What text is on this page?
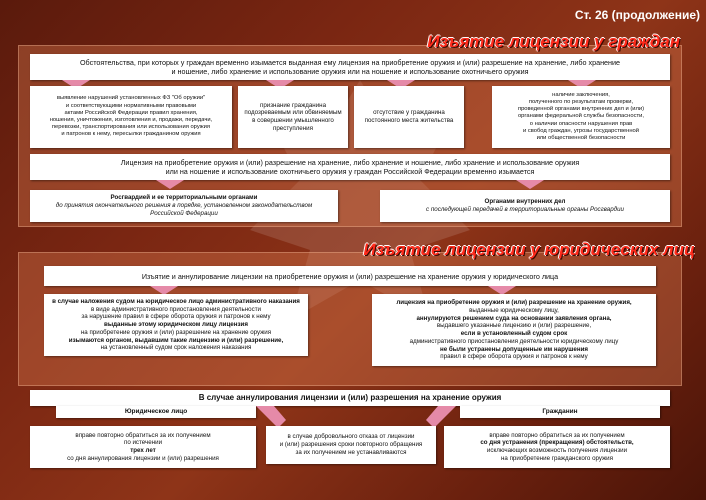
Ст. 26 (продолжение)
Изъятие лицензии у граждан
Обстоятельства, при которых у граждан временно изымается выданная ему лицензия на приобретение оружия и (или) разрешение на хранение, либо хранение
и ношение, либо хранение и использование оружия или на ношение и использование охотничьего оружия
выявление нарушений установленных ФЗ "Об оружии"
и соответствующими нормативными правовыми
актами Российской Федерации правил хранения,
ношения, уничтожения, изготовления и, продажи, передачи,
перевозки, транспортирования или использования оружия
и патронов к нему, пересылки гражданином оружия
признание гражданина
подозреваемым или обвиняемым
в совершении умышленного
преступления
отсутствие у гражданина
постоянного места жительства
наличие заключения,
полученного по результатам проверки,
проведенной органами внутренних дел и (или)
органами федеральной службы безопасности,
о наличии опасности нарушения прав
и свобод граждан, угрозы государственной
или общественной безопасности
Лицензия на приобретение оружия и (или) разрешение на хранение, либо хранение и ношение, либо хранение и использование оружия
или на ношение и использование охотничьего оружия у граждан Российской Федерации временно изымается
Росгвардией и ее территориальными органами
до принятия окончательного решения в порядке, установленном законодательством
Российской Федерации
Органами внутренних дел
с последующей передачей в территориальные органы Росгвардии
Изъятие лицензии у юридических лиц
Изъятие и аннулирование лицензии на приобретение оружия и (или) разрешение на хранение оружия у юридического лица
в случае наложения судом на юридическое лицо административного наказания
в виде административного приостановления деятельности
за нарушение правил в сфере оборота оружия и патронов к нему
выданные этому юридическом лицу лицензия
на приобретение оружия и (или) разрешение на хранение оружия
изымаются органом, выдавшим такие лицензию и (или) разрешение,
на установленный судом срок наложения наказания
лицензия на приобретение оружия и (или) разрешение на хранение оружия,
выданные юридическому лицу,
аннулируются решением суда на основании заявления органа,
выдавшего указанные лицензию и (или) разрешение,
если в установленный судом срок
административного приостановления деятельности юридическому лицу
не были устранены допущенные им нарушения
правил в сфере оборота оружия и патронов к нему
В случае аннулирования лицензии и (или) разрешения на хранение оружия
Юридическое лицо	Гражданин
вправе повторно обратиться за их получением
по истечении
трех лет
со дня аннулирования лицензии и (или) разрешения
в случае добровольного отказа от лицензии
и (или) разрешения сроки повторного обращения
за их получением не устанавливаются
вправе повторно обратиться за их получением
со дня устранения (прекращения) обстоятельств,
исключающих возможность получения лицензии
на приобретение гражданского оружия
